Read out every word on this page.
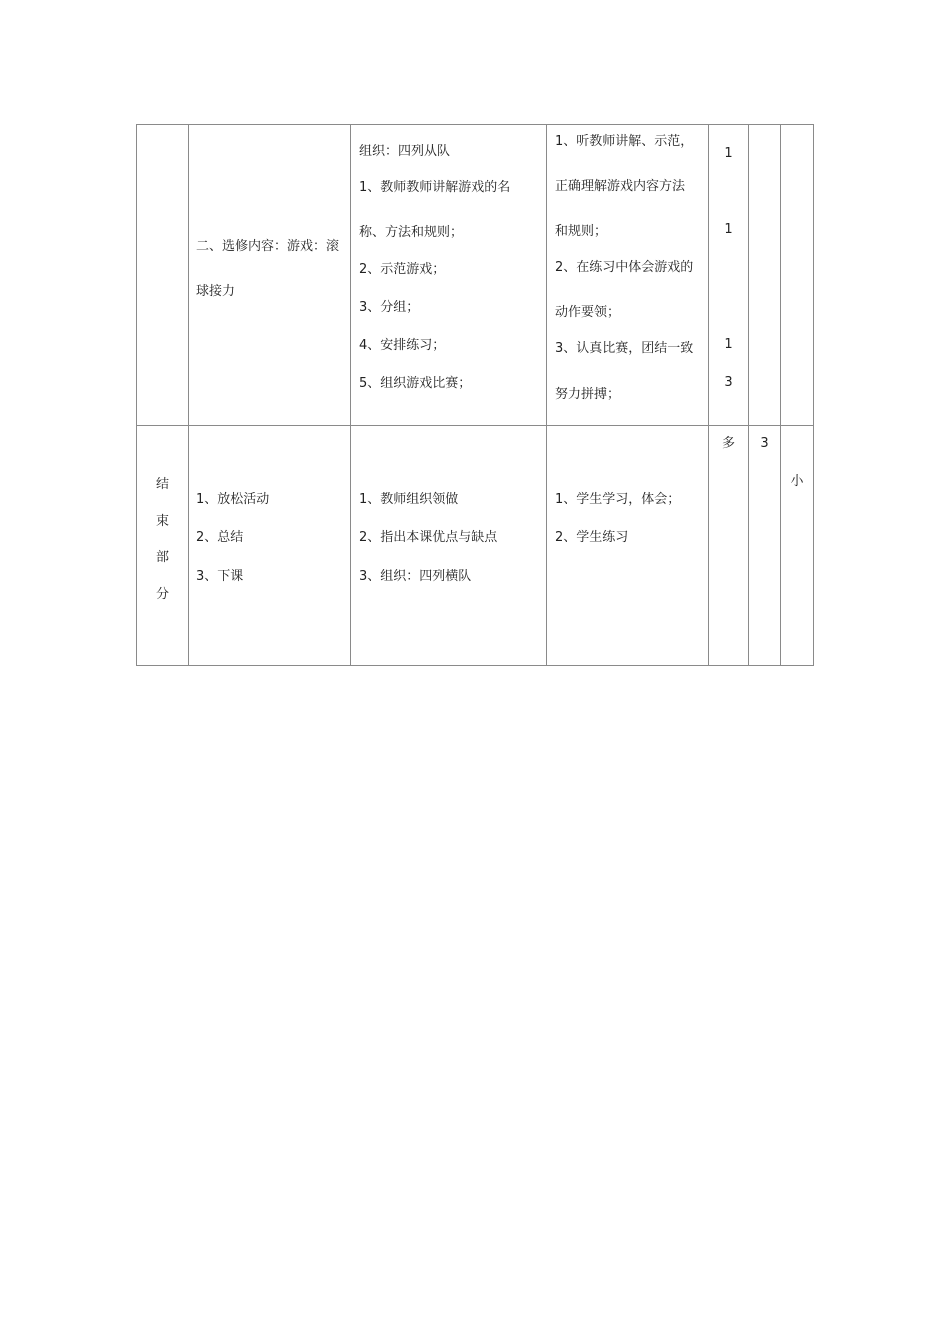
二、选修内容：游戏：滚
球接力
组织：四列从队
1、教师教师讲解游戏的名
称、方法和规则；
2、示范游戏；
3、分组；
4、安排练习；
5、组织游戏比赛；
1、听教师讲解、示范，
正确理解游戏内容方法
和规则；
2、在练习中体会游戏的
动作要领；
3、认真比赛，团结一致
努力拼搏；
1
1
1
3
结
束
部
分
1、放松活动
2、总结
3、下课
1、教师组织领做
2、指出本课优点与缺点
3、组织：四列横队
1、学生学习，体会；
2、学生练习
多	3
小
